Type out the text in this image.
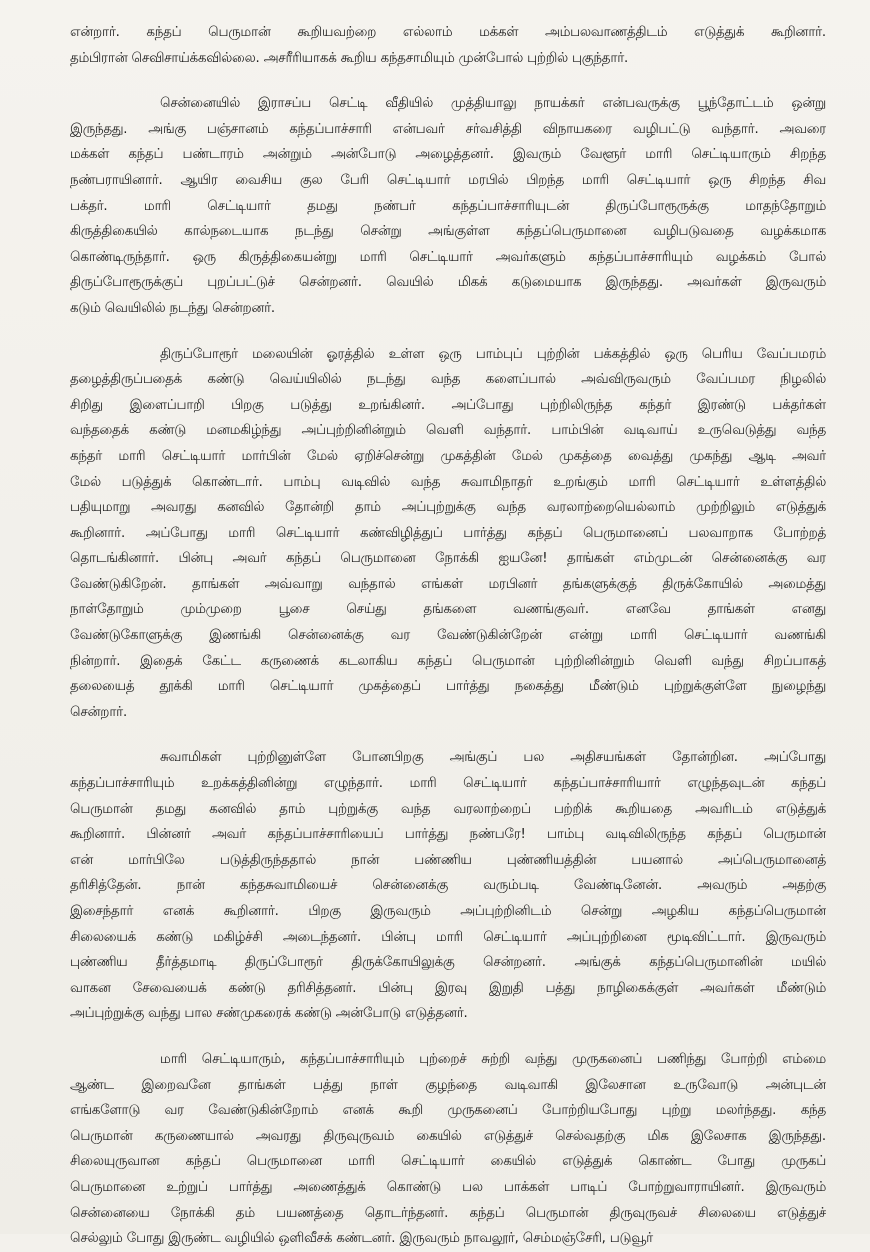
என்றார். கந்தப் பெருமான் கூறியவற்றை எல்லாம் மக்கள் அம்பலவாணத்திடம் எடுத்துக் கூறினார்.
தம்பிரான் செவிசாய்க்கவில்லை. அசரீரியாகக் கூறிய கந்தசாமியும் முன்போல் புற்றில் புகுந்தார்.
சென்னையில் இராசப்ப செட்டி வீதியில் முத்தியாலு நாயக்கர் என்பவருக்கு பூந்தோட்டம் ஒன்று
இருந்தது. அங்கு பஞ்சானம் கந்தப்பாச்சாரி என்பவர் சர்வசித்தி விநாயகரை வழிபட்டு வந்தார். அவரை
மக்கள் கந்தப் பண்டாரம் அன்றும் அன்போடு அழைத்தனர். இவரும் வேளூர் மாரி செட்டியாரும் சிறந்த
நண்பராயினார். ஆயிர வைசிய குல பேரி செட்டியார் மரபில் பிறந்த மாரி செட்டியார் ஒரு சிறந்த சிவ
பக்தர். மாரி செட்டியார் தமது நண்பர் கந்தப்பாச்சாரியுடன் திருப்போரூருக்கு மாதந்தோறும்
கிருத்திகையில் கால்நடையாக நடந்து சென்று அங்குள்ள கந்தப்பெருமானை வழிபடுவதை வழக்கமாக
கொண்டிருந்தார். ஒரு கிருத்திகையன்று மாரி செட்டியார் அவர்களும் கந்தப்பாச்சாரியும் வழக்கம் போல்
திருப்போரூருக்குப் புறப்பட்டுச் சென்றனர். வெயில் மிகக் கடுமையாக இருந்தது. அவர்கள் இருவரும்
கடும் வெயிலில் நடந்து சென்றனர்.
திருப்போரூர் மலையின் ஓரத்தில் உள்ள ஒரு பாம்புப் புற்றின் பக்கத்தில் ஒரு பெரிய வேப்பமரம்
தழைத்திருப்பதைக் கண்டு வெய்யிலில் நடந்து வந்த களைப்பால் அவ்விருவரும் வேப்பமர நிழலில்
சிறிது இளைப்பாறி பிறகு படுத்து உறங்கினர். அப்போது புற்றிலிருந்த கந்தர் இரண்டு பக்தர்கள்
வந்ததைக் கண்டு மனமகிழ்ந்து அப்புற்றினின்றும் வெளி வந்தார். பாம்பின் வடிவாய் உருவெடுத்து வந்த
கந்தர் மாரி செட்டியார் மார்பின் மேல் ஏறிச்சென்று முகத்தின் மேல் முகத்தை வைத்து முகந்து ஆடி அவர்
மேல் படுத்துக் கொண்டார். பாம்பு வடிவில் வந்த சுவாமிநாதர் உறங்கும் மாரி செட்டியார் உள்ளத்தில்
பதியுமாறு அவரது கனவில் தோன்றி தாம் அப்புற்றுக்கு வந்த வரலாற்றையெல்லாம் முற்றிலும் எடுத்துக்
கூறினார். அப்போது மாரி செட்டியார் கண்விழித்துப் பார்த்து கந்தப் பெருமானைப் பலவாறாக போற்றத்
தொடங்கினார். பின்பு அவர் கந்தப் பெருமானை நோக்கி ஐயனே! தாங்கள் எம்முடன் சென்னைக்கு வர
வேண்டுகிறேன். தாங்கள் அவ்வாறு வந்தால் எங்கள் மரபினர் தங்களுக்குத் திருக்கோயில் அமைத்து
நாள்தோறும் மும்முறை பூசை செய்து தங்களை வணங்குவர். எனவே தாங்கள் எனது
வேண்டுகோளுக்கு இணங்கி சென்னைக்கு வர வேண்டுகின்றேன் என்று மாரி செட்டியார் வணங்கி
நின்றார். இதைக் கேட்ட கருணைக் கடலாகிய கந்தப் பெருமான் புற்றினின்றும் வெளி வந்து சிறப்பாகத்
தலையைத் தூக்கி மாரி செட்டியார் முகத்தைப் பார்த்து நகைத்து மீண்டும் புற்றுக்குள்ளே நுழைந்து
சென்றார்.
சுவாமிகள் புற்றினுள்ளே போனபிறகு அங்குப் பல அதிசயங்கள் தோன்றின. அப்போது
கந்தப்பாச்சாரியும் உறக்கத்தினின்று எழுந்தார். மாரி செட்டியார் கந்தப்பாச்சாரியார் எழுந்தவுடன் கந்தப்
பெருமான் தமது கனவில் தாம் புற்றுக்கு வந்த வரலாற்றைப் பற்றிக் கூறியதை அவரிடம் எடுத்துக்
கூறினார். பின்னர் அவர் கந்தப்பாச்சாரியைப் பார்த்து நண்பரே! பாம்பு வடிவிலிருந்த கந்தப் பெருமான்
என் மார்பிலே படுத்திருந்ததால் நான் பண்ணிய புண்ணியத்தின் பயனால் அப்பெருமானைத்
தரிசித்தேன். நான் கந்தசுவாமியைச் சென்னைக்கு வரும்படி வேண்டினேன். அவரும் அதற்கு
இசைந்தார் எனக் கூறினார். பிறகு இருவரும் அப்புற்றினிடம் சென்று அழகிய கந்தப்பெருமான்
சிலையைக் கண்டு மகிழ்ச்சி அடைந்தனர். பின்பு மாரி செட்டியார் அப்புற்றினை மூடிவிட்டார். இருவரும்
புண்ணிய தீர்த்தமாடி திருப்போரூர் திருக்கோயிலுக்கு சென்றனர். அங்குக் கந்தப்பெருமானின் மயில்
வாகன சேவையைக் கண்டு தரிசித்தனர். பின்பு இரவு இறுதி பத்து நாழிகைக்குள் அவர்கள் மீண்டும்
அப்புற்றுக்கு வந்து பால சண்முகரைக் கண்டு அன்போடு எடுத்தனர்.
மாரி செட்டியாரும், கந்தப்பாச்சாரியும் புற்றைச் சுற்றி வந்து முருகனைப் பணிந்து போற்றி எம்மை
ஆண்ட இறைவனே தாங்கள் பத்து நாள் குழந்தை வடிவாகி இலேசான உருவோடு அன்புடன்
எங்களோடு வர வேண்டுகின்றோம் எனக் கூறி முருகனைப் போற்றியபோது புற்று மலர்ந்தது. கந்த
பெருமான் கருணையால் அவரது திருவுருவம் கையில் எடுத்துச் செல்வதற்கு மிக இலேசாக இருந்தது.
சிலையுருவான கந்தப் பெருமானை மாரி செட்டியார் கையில் எடுத்துக் கொண்ட போது முருகப்
பெருமானை உற்றுப் பார்த்து அணைத்துக் கொண்டு பல பாக்கள் பாடிப் போற்றுவாராயினர். இருவரும்
சென்னையை நோக்கி தம் பயணத்தை தொடர்ந்தனர். கந்தப் பெருமான் திருவுருவச் சிலையை எடுத்துச்
செல்லும் போது இருண்ட வழியில் ஒளிவீசக் கண்டனர். இருவரும் நாவலூர், செம்மஞ்சேரி, படுவூர்
